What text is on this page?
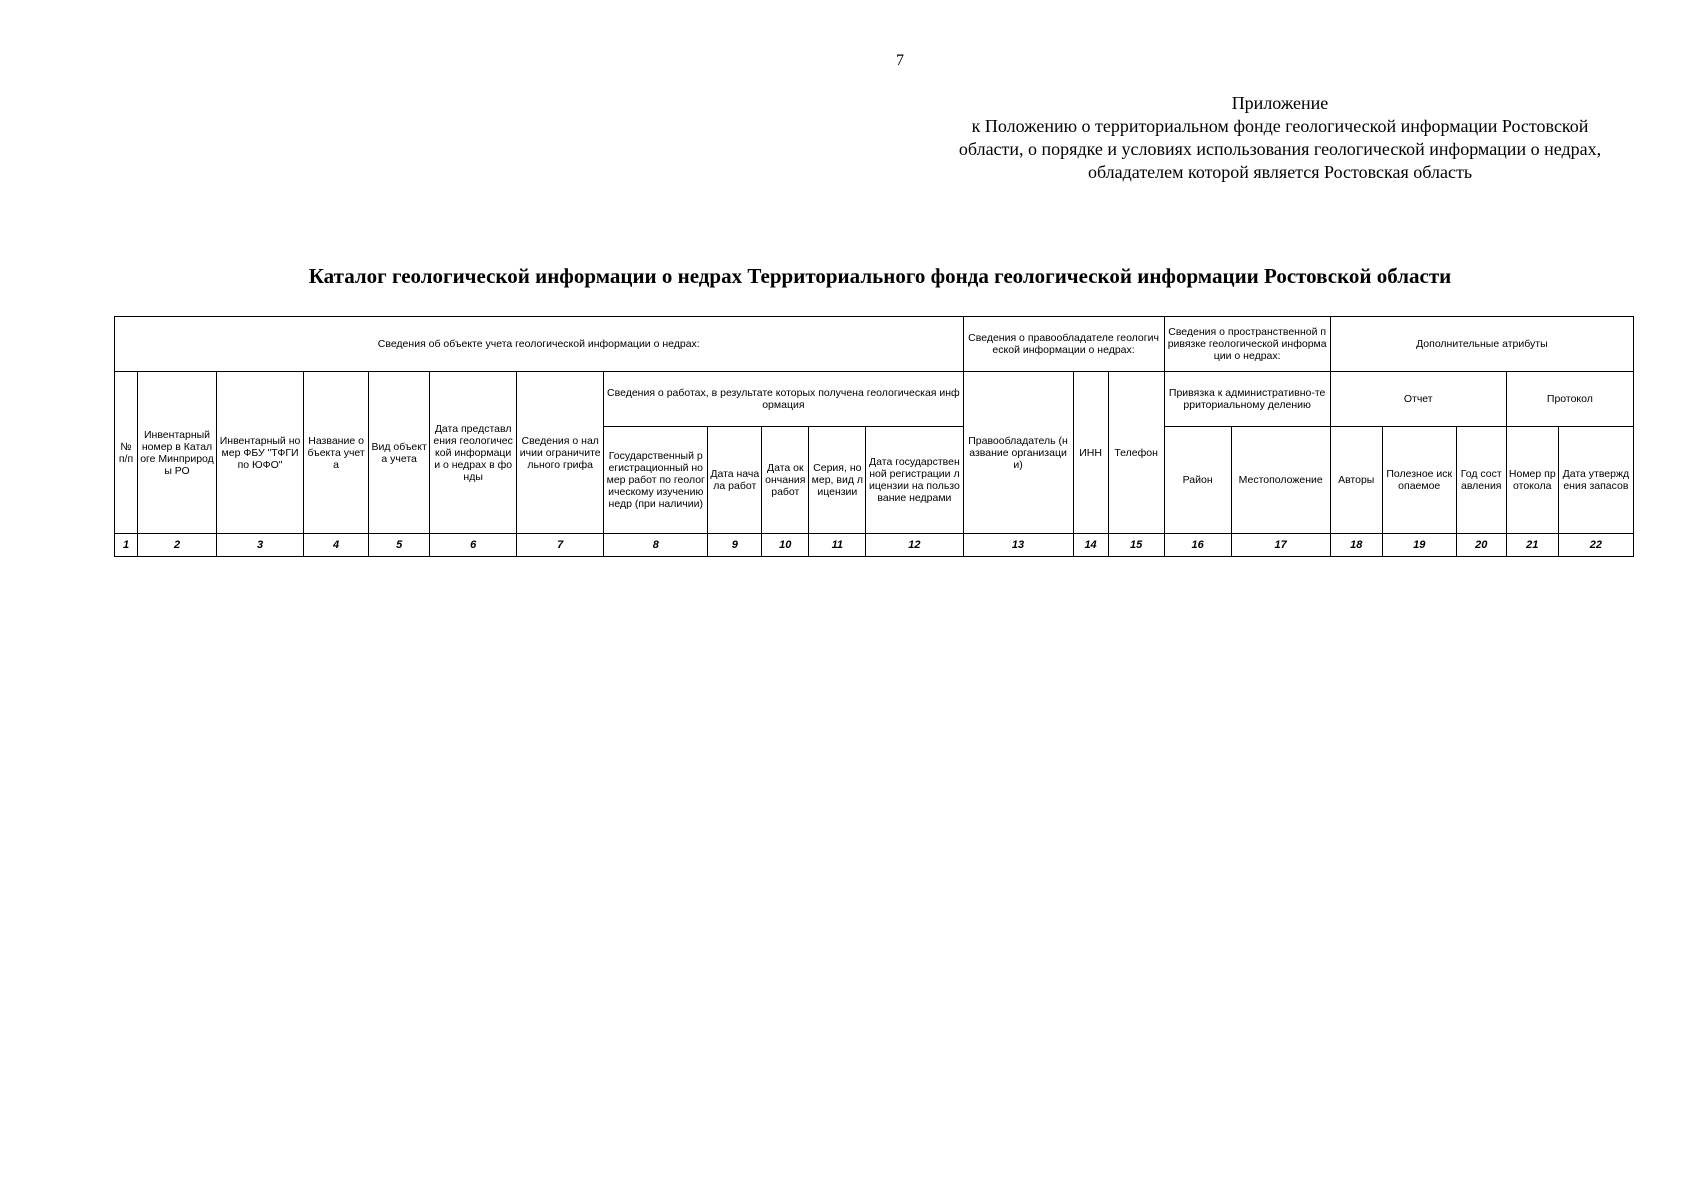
7
Приложение
к Положению о территориальном фонде геологической информации Ростовской
области, о порядке и условиях использования геологической информации о недрах,
обладателем которой является Ростовская область
Каталог геологической информации о недрах Территориального фонда геологической информации Ростовской области
Сведения об объекте учета геологической информации о недрах:												Сведения о правообладателе геологической информации о недрах:			Сведения о пространственной привязке геологической информации о недрах:		Дополнительные атрибуты				
№ п/п	Инвентарный номер в Каталоге Минприроды РО	Инвентарный номер ФБУ "ТФГИ по ЮФО"	Название объекта учета	Вид объекта учета	Дата представления геологической информации о недрах в фонды	Сведения о наличии ограничительного грифа	Сведения о работах, в результате которых получена геологическая информация					Правообладатель (название организации)	ИНН	Телефон	Привязка к административно-территориальному делению		Отчет			Протокол	
							Государственный регистрационный номер работ по геологическому изучению недр (при наличии)	Дата начала работ	Дата окончания работ	Серия, номер, вид лицензии	Дата государственной регистрации лицензии на пользование недрами				Район	Местоположение	Авторы	Полезное ископаемое	Год составления	Номер протокола	Дата утверждения запасов
1	2	3	4	5	6	7	8	9	10	11	12	13	14	15	16	17	18	19	20	21	22
